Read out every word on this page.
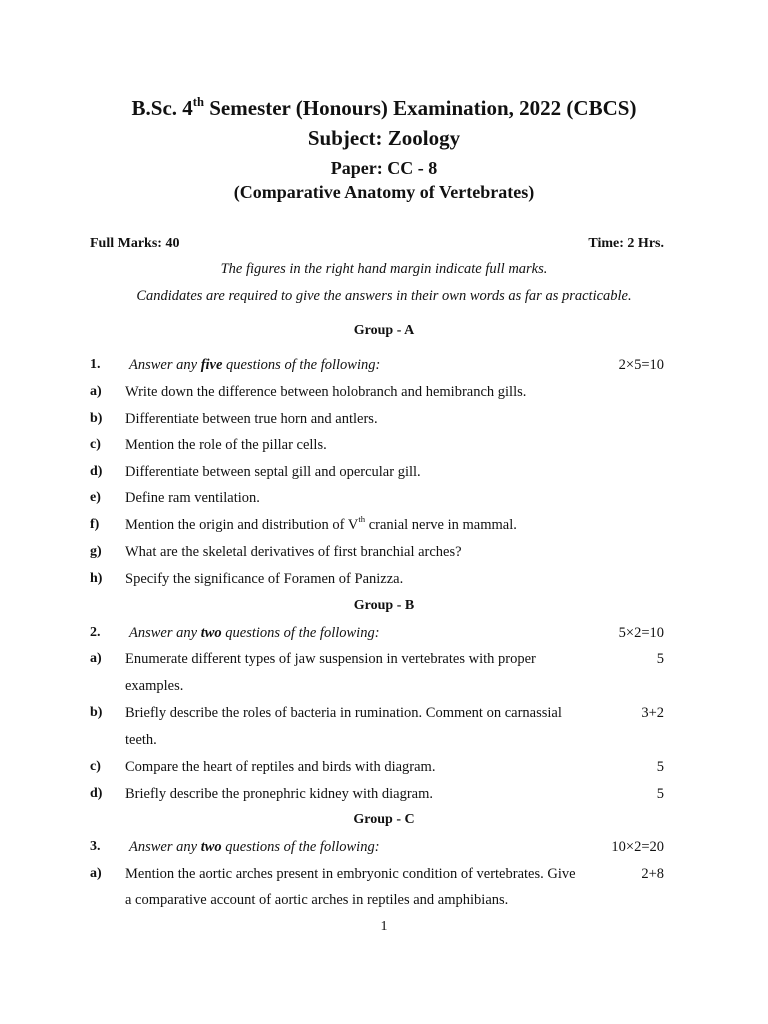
B.Sc. 4th Semester (Honours) Examination, 2022 (CBCS)
Subject: Zoology
Paper: CC - 8
(Comparative Anatomy of Vertebrates)
Full Marks: 40	Time: 2 Hrs.
The figures in the right hand margin indicate full marks.
Candidates are required to give the answers in their own words as far as practicable.
Group - A
1. Answer any five questions of the following:	2×5=10
a) Write down the difference between holobranch and hemibranch gills.
b) Differentiate between true horn and antlers.
c) Mention the role of the pillar cells.
d) Differentiate between septal gill and opercular gill.
e) Define ram ventilation.
f) Mention the origin and distribution of Vth cranial nerve in mammal.
g) What are the skeletal derivatives of first branchial arches?
h) Specify the significance of Foramen of Panizza.
Group - B
2. Answer any two questions of the following:	5×2=10
a) Enumerate different types of jaw suspension in vertebrates with proper	5
examples.
b) Briefly describe the roles of bacteria in rumination. Comment on carnassial	3+2
teeth.
c) Compare the heart of reptiles and birds with diagram.	5
d) Briefly describe the pronephric kidney with diagram.	5
Group - C
3. Answer any two questions of the following:	10×2=20
a) Mention the aortic arches present in embryonic condition of vertebrates. Give	2+8
a comparative account of aortic arches in reptiles and amphibians.
1
